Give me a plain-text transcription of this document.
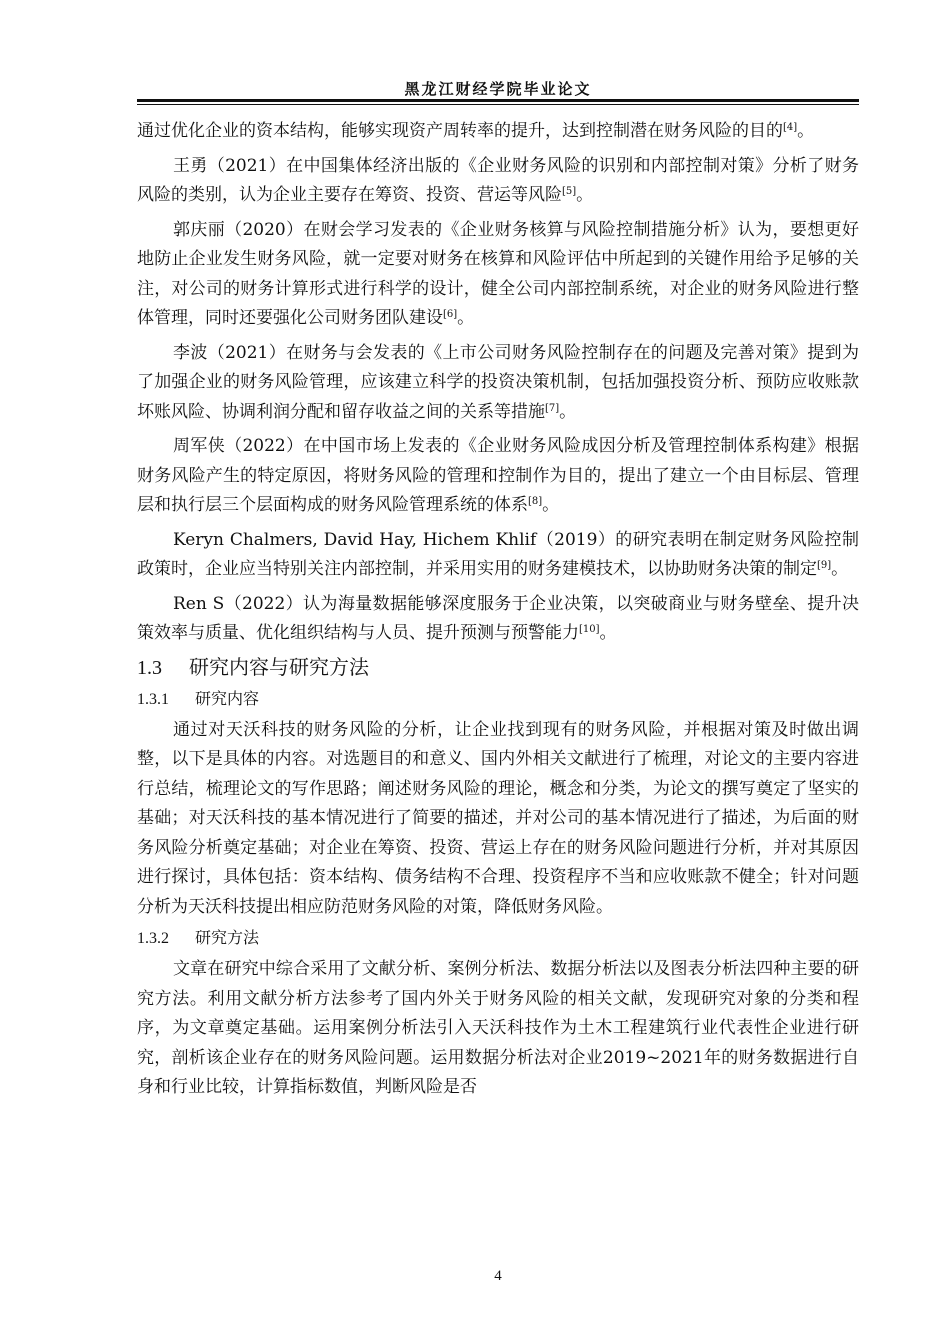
黑龙江财经学院毕业论文

通过优化企业的资本结构，能够实现资产周转率的提升，达到控制潜在财务风险的目的[4]。

王勇（2021）在中国集体经济出版的《企业财务风险的识别和内部控制对策》分析了财务风险的类别，认为企业主要存在筹资、投资、营运等风险[5]。

郭庆丽（2020）在财会学习发表的《企业财务核算与风险控制措施分析》认为，要想更好地防止企业发生财务风险，就一定要对财务在核算和风险评估中所起到的关键作用给予足够的关注，对公司的财务计算形式进行科学的设计，健全公司内部控制系统，对企业的财务风险进行整体管理，同时还要强化公司财务团队建设[6]。

李波（2021）在财务与会发表的《上市公司财务风险控制存在的问题及完善对策》提到为了加强企业的财务风险管理，应该建立科学的投资决策机制，包括加强投资分析、预防应收账款坏账风险、协调利润分配和留存收益之间的关系等措施[7]。

周军侠（2022）在中国市场上发表的《企业财务风险成因分析及管理控制体系构建》根据财务风险产生的特定原因，将财务风险的管理和控制作为目的，提出了建立一个由目标层、管理层和执行层三个层面构成的财务风险管理系统的体系[8]。

Keryn Chalmers, David Hay, Hichem Khlif（2019）的研究表明在制定财务风险控制政策时，企业应当特别关注内部控制，并采用实用的财务建模技术，以协助财务决策的制定[9]。

Ren S（2022）认为海量数据能够深度服务于企业决策，以突破商业与财务壁垒、提升决策效率与质量、优化组织结构与人员、提升预测与预警能力[10]。

1.3 研究内容与研究方法
1.3.1 研究内容

通过对天沃科技的财务风险的分析，让企业找到现有的财务风险，并根据对策及时做出调整，以下是具体的内容。对选题目的和意义、国内外相关文献进行了梳理，对论文的主要内容进行总结，梳理论文的写作思路；阐述财务风险的理论，概念和分类，为论文的撰写奠定了坚实的基础；对天沃科技的基本情况进行了简要的描述，并对公司的基本情况进行了描述，为后面的财务风险分析奠定基础；对企业在筹资、投资、营运上存在的财务风险问题进行分析，并对其原因进行探讨，具体包括：资本结构、债务结构不合理、投资程序不当和应收账款不健全；针对问题分析为天沃科技提出相应防范财务风险的对策，降低财务风险。

1.3.2 研究方法

文章在研究中综合采用了文献分析、案例分析法、数据分析法以及图表分析法四种主要的研究方法。利用文献分析方法参考了国内外关于财务风险的相关文献，发现研究对象的分类和程序，为文章奠定基础。运用案例分析法引入天沃科技作为土木工程建筑行业代表性企业进行研究，剖析该企业存在的财务风险问题。运用数据分析法对企业2019~2021年的财务数据进行自身和行业比较，计算指标数值，判断风险是否

4
